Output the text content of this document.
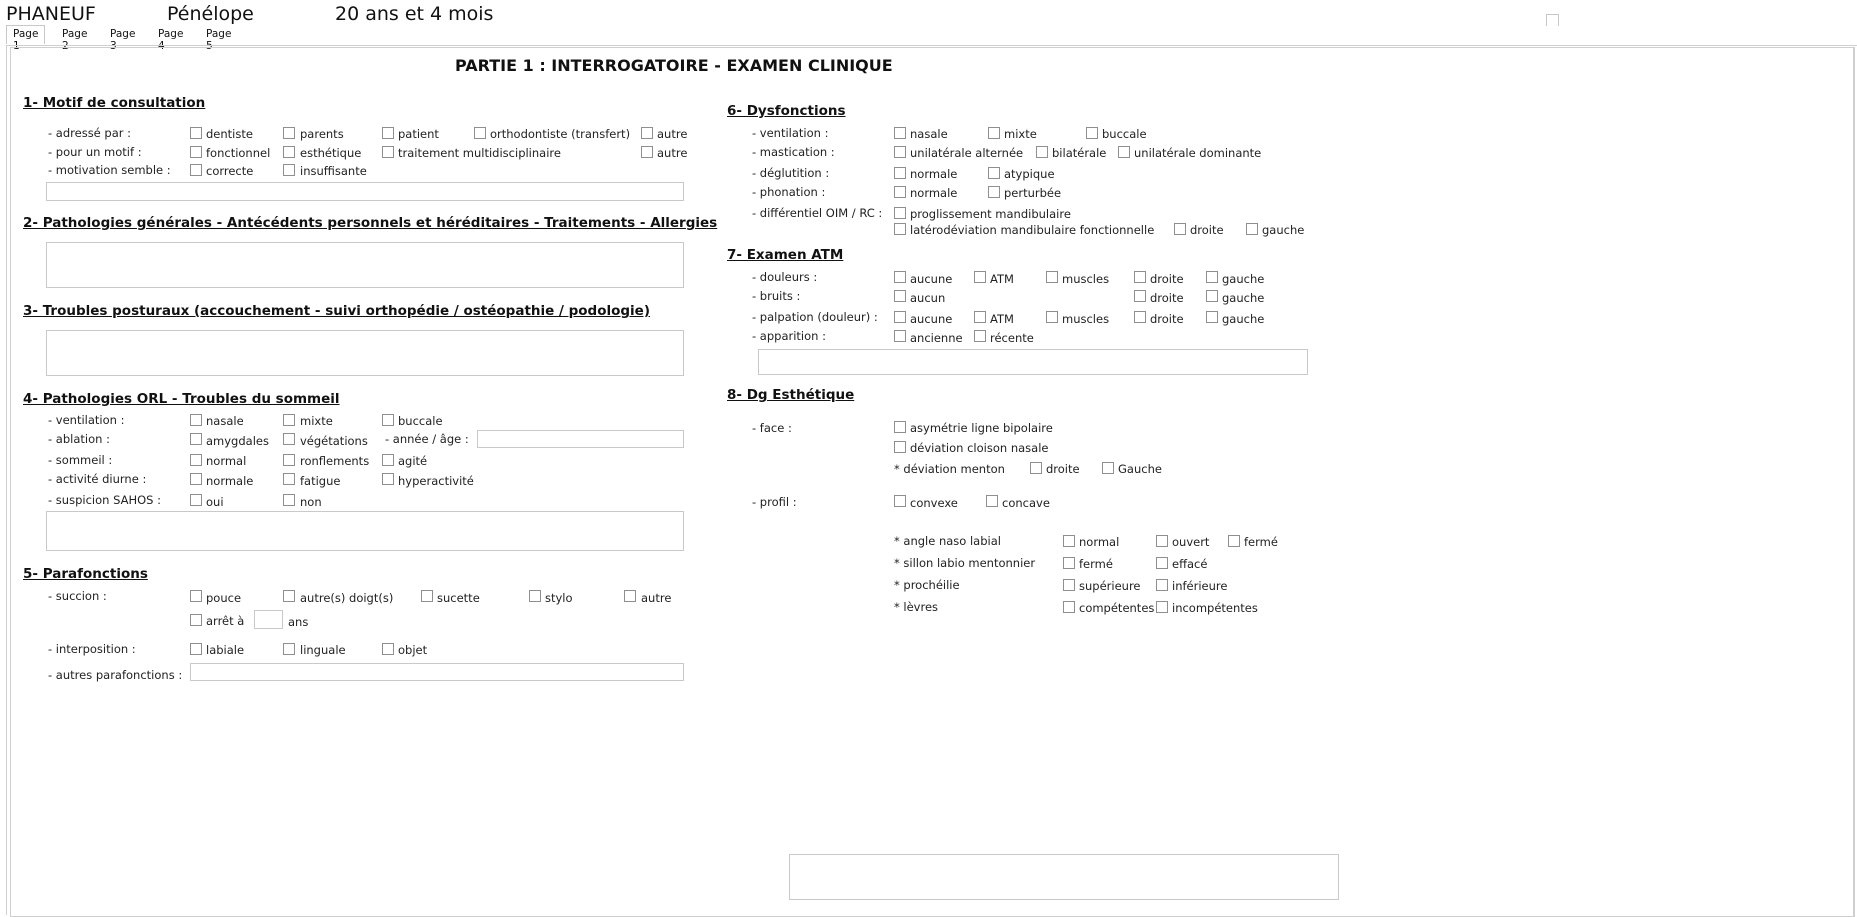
PHANEUF	Pénélope	20 ans et 4 mois
Page 1
Page 2
Page 3
Page 4
Page 5
PARTIE 1 : INTERROGATOIRE - EXAMEN CLINIQUE
1- Motif de consultation
- adressé par :	dentiste	parents	patient	orthodontiste (transfert) autre
- pour un motif :	fonctionnel	esthétique	traitement multidisciplinaire	autre
- motivation semble :	correcte	insuffisante
2- Pathologies générales - Antécédents personnels et héréditaires - Traitements - Allergies
3- Troubles posturaux (accouchement - suivi orthopédie / ostéopathie / podologie)
4- Pathologies ORL - Troubles du sommeil
- ventilation :	nasale	mixte	buccale
- ablation :	amygdales	végétations - année / âge :
- sommeil :	normal	ronflements	agité
- activité diurne :	normale	fatigue	hyperactivité
- suspicion SAHOS :	oui	non
5- Parafonctions
- succion :	pouce	autre(s) doigt(s)	sucette	stylo	autre
arrêt à	ans
- interposition :	labiale	linguale	objet
- autres parafonctions :
6- Dysfonctions
- ventilation :	nasale	mixte	buccale
- mastication :	unilatérale alternée	bilatérale unilatérale dominante
- déglutition :	normale	atypique
- phonation :	normale	perturbée
- différentiel OIM / RC : proglissement mandibulaire
latérodéviation mandibulaire fonctionnelle	droite	gauche
7- Examen ATM
- douleurs :	aucune	ATM	muscles	droite	gauche
- bruits :	aucun	droite	gauche
- palpation (douleur) :	aucune	ATM	muscles	droite	gauche
- apparition :	ancienne récente
8- Dg Esthétique
- face :	asymétrie ligne bipolaire
déviation cloison nasale
* déviation menton	droite	Gauche
- profil :	convexe	concave
* angle naso labial	normal	ouvert	fermé
* sillon labio mentonnier	fermé	effacé
* prochéilie	supérieure	inférieure
* lèvres	compétentes incompétentes
